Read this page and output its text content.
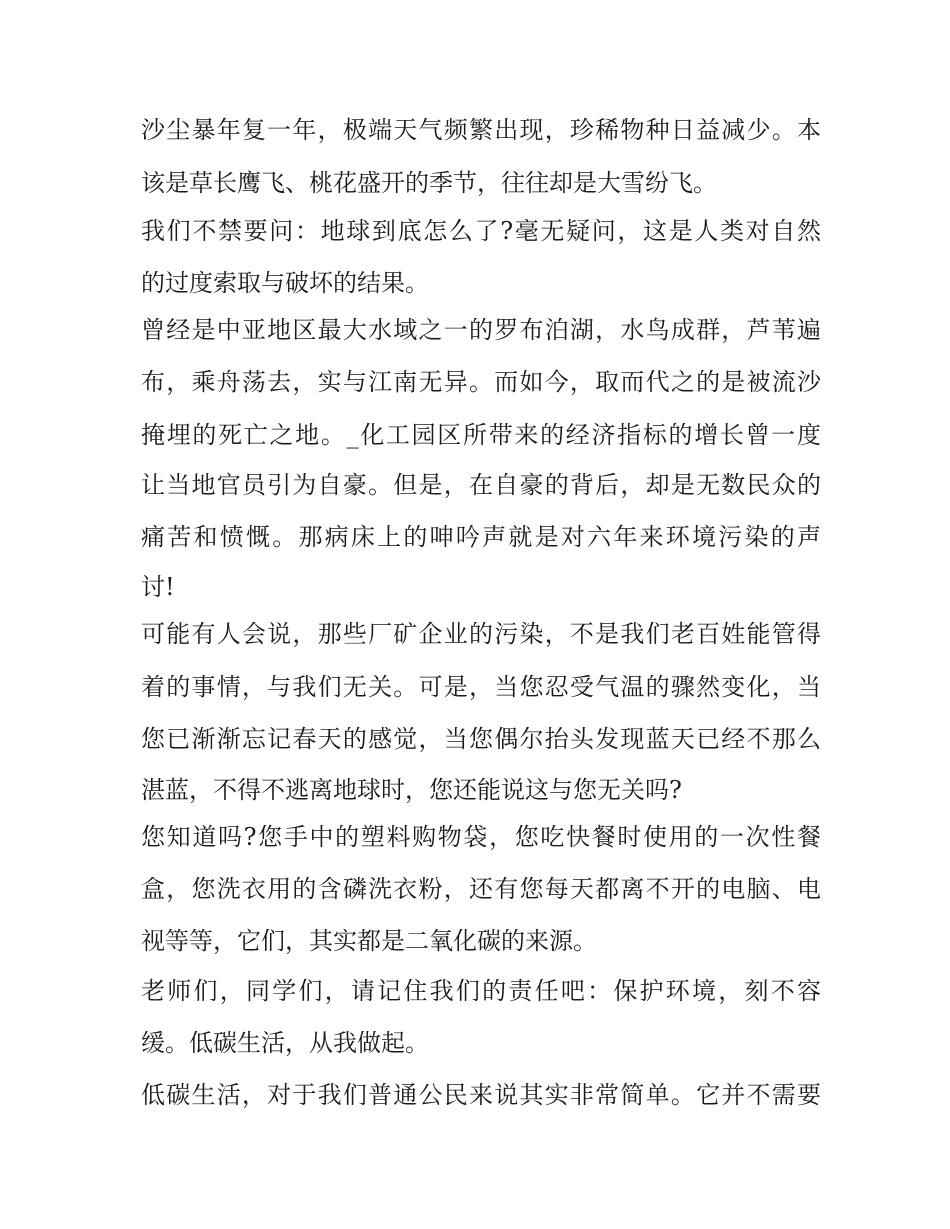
沙尘暴年复一年，极端天气频繁出现，珍稀物种日益减少。本
该是草长鹰飞、桃花盛开的季节，往往却是大雪纷飞。
我们不禁要问：地球到底怎么了?毫无疑问，这是人类对自然
的过度索取与破坏的结果。
曾经是中亚地区最大水域之一的罗布泊湖，水鸟成群，芦苇遍
布，乘舟荡去，实与江南无异。而如今，取而代之的是被流沙
掩埋的死亡之地。_化工园区所带来的经济指标的增长曾一度
让当地官员引为自豪。但是，在自豪的背后，却是无数民众的
痛苦和愤慨。那病床上的呻吟声就是对六年来环境污染的声
讨!
可能有人会说，那些厂矿企业的污染，不是我们老百姓能管得
着的事情，与我们无关。可是，当您忍受气温的骤然变化，当
您已渐渐忘记春天的感觉，当您偶尔抬头发现蓝天已经不那么
湛蓝，不得不逃离地球时，您还能说这与您无关吗?
您知道吗?您手中的塑料购物袋，您吃快餐时使用的一次性餐
盒，您洗衣用的含磷洗衣粉，还有您每天都离不开的电脑、电
视等等，它们，其实都是二氧化碳的来源。
老师们，同学们，请记住我们的责任吧：保护环境，刻不容
缓。低碳生活，从我做起。
低碳生活，对于我们普通公民来说其实非常简单。它并不需要
